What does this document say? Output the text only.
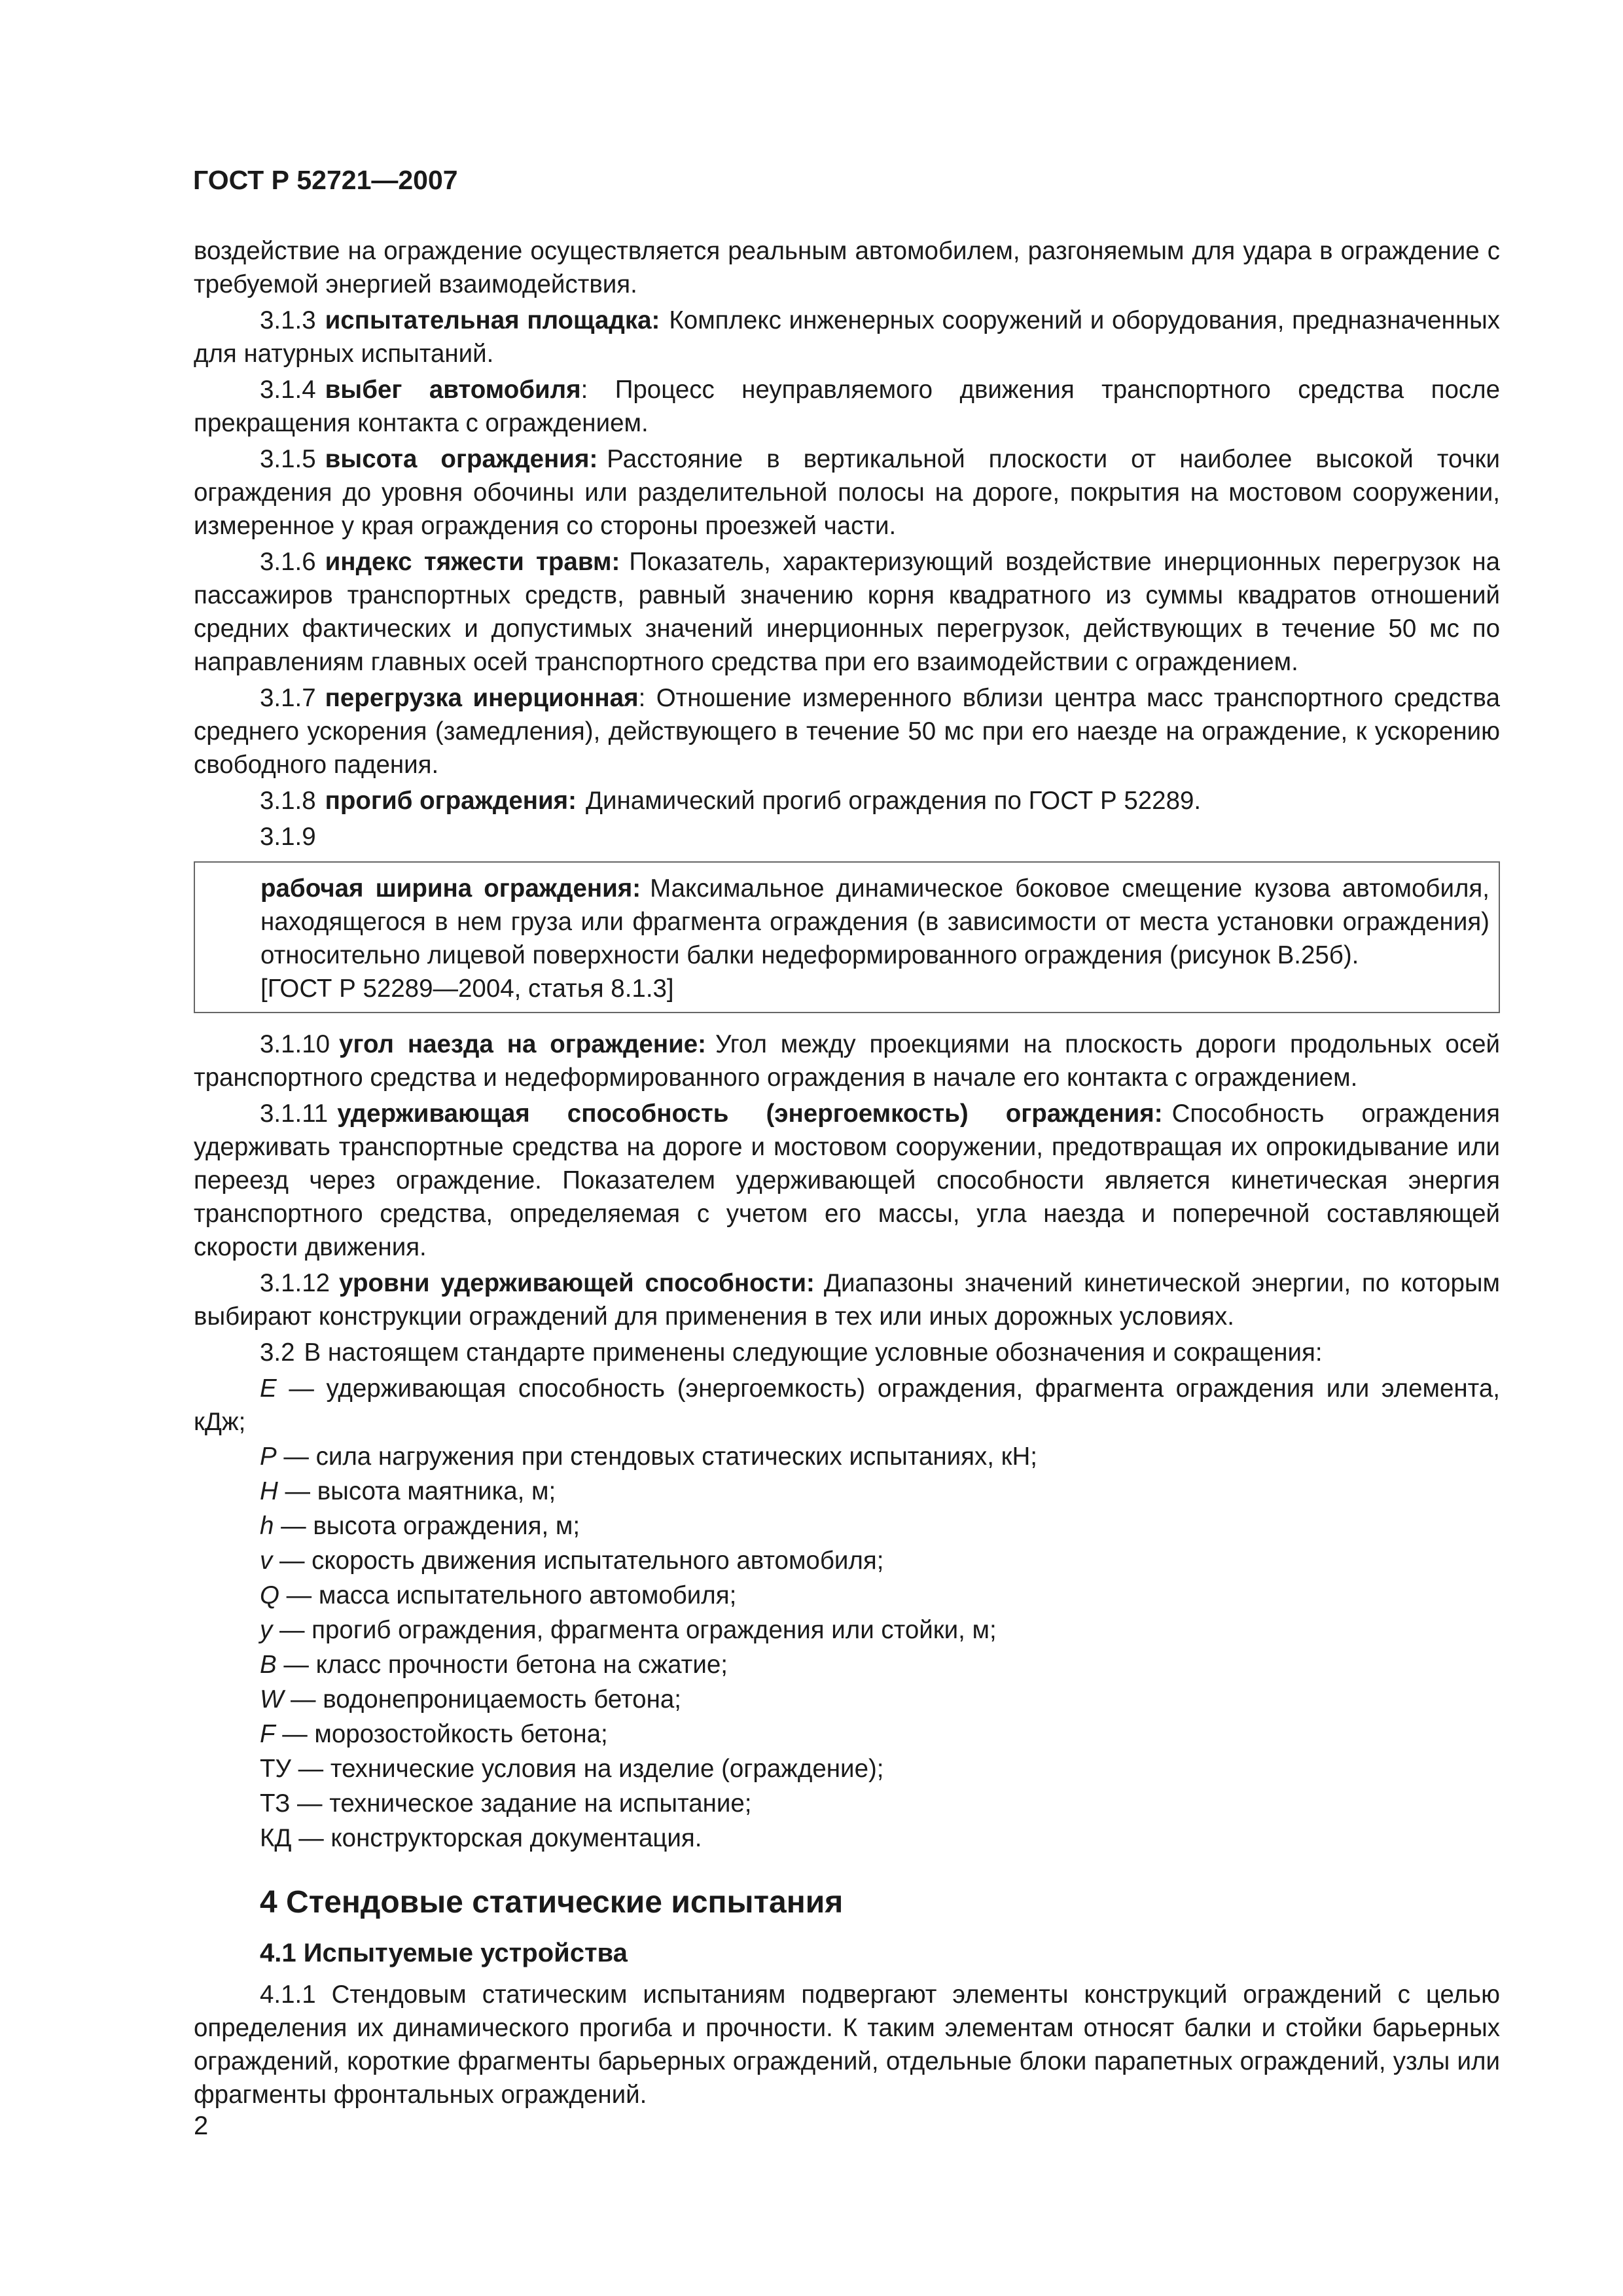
ГОСТ Р 52721—2007

воздействие на ограждение осуществляется реальным автомобилем, разгоняемым для удара в ограждение с требуемой энергией взаимодействия.

3.1.3 испытательная площадка: Комплекс инженерных сооружений и оборудования, предназначенных для натурных испытаний.

3.1.4 выбег автомобиля: Процесс неуправляемого движения транспортного средства после прекращения контакта с ограждением.

3.1.5 высота ограждения: Расстояние в вертикальной плоскости от наиболее высокой точки ограждения до уровня обочины или разделительной полосы на дороге, покрытия на мостовом сооружении, измеренное у края ограждения со стороны проезжей части.

3.1.6 индекс тяжести травм: Показатель, характеризующий воздействие инерционных перегрузок на пассажиров транспортных средств, равный значению корня квадратного из суммы квадратов отношений средних фактических и допустимых значений инерционных перегрузок, действующих в течение 50 мс по направлениям главных осей транспортного средства при его взаимодействии с ограждением.

3.1.7 перегрузка инерционная: Отношение измеренного вблизи центра масс транспортного средства среднего ускорения (замедления), действующего в течение 50 мс при его наезде на ограждение, к ускорению свободного падения.

3.1.8 прогиб ограждения: Динамический прогиб ограждения по ГОСТ Р 52289.

3.1.9

рабочая ширина ограждения: Максимальное динамическое боковое смещение кузова автомобиля, находящегося в нем груза или фрагмента ограждения (в зависимости от места установки ограждения) относительно лицевой поверхности балки недеформированного ограждения (рисунок В.25б).

[ГОСТ Р 52289—2004, статья 8.1.3]

3.1.10 угол наезда на ограждение: Угол между проекциями на плоскость дороги продольных осей транспортного средства и недеформированного ограждения в начале его контакта с ограждением.

3.1.11 удерживающая способность (энергоемкость) ограждения: Способность ограждения удерживать транспортные средства на дороге и мостовом сооружении, предотвращая их опрокидывание или переезд через ограждение. Показателем удерживающей способности является кинетическая энергия транспортного средства, определяемая с учетом его массы, угла наезда и поперечной составляющей скорости движения.

3.1.12 уровни удерживающей способности: Диапазоны значений кинетической энергии, по которым выбирают конструкции ограждений для применения в тех или иных дорожных условиях.

3.2 В настоящем стандарте применены следующие условные обозначения и сокращения:

E — удерживающая способность (энергоемкость) ограждения, фрагмента ограждения или элемента, кДж;

P — сила нагружения при стендовых статических испытаниях, кН;

H — высота маятника, м;

h — высота ограждения, м;

v — скорость движения испытательного автомобиля;

Q — масса испытательного автомобиля;

y — прогиб ограждения, фрагмента ограждения или стойки, м;

B — класс прочности бетона на сжатие;

W — водонепроницаемость бетона;

F — морозостойкость бетона;

ТУ — технические условия на изделие (ограждение);

ТЗ — техническое задание на испытание;

КД — конструкторская документация.

4 Стендовые статические испытания
4.1 Испытуемые устройства

4.1.1 Стендовым статическим испытаниям подвергают элементы конструкций ограждений с целью определения их динамического прогиба и прочности. К таким элементам относят балки и стойки барьерных ограждений, короткие фрагменты барьерных ограждений, отдельные блоки парапетных ограждений, узлы или фрагменты фронтальных ограждений.

2
